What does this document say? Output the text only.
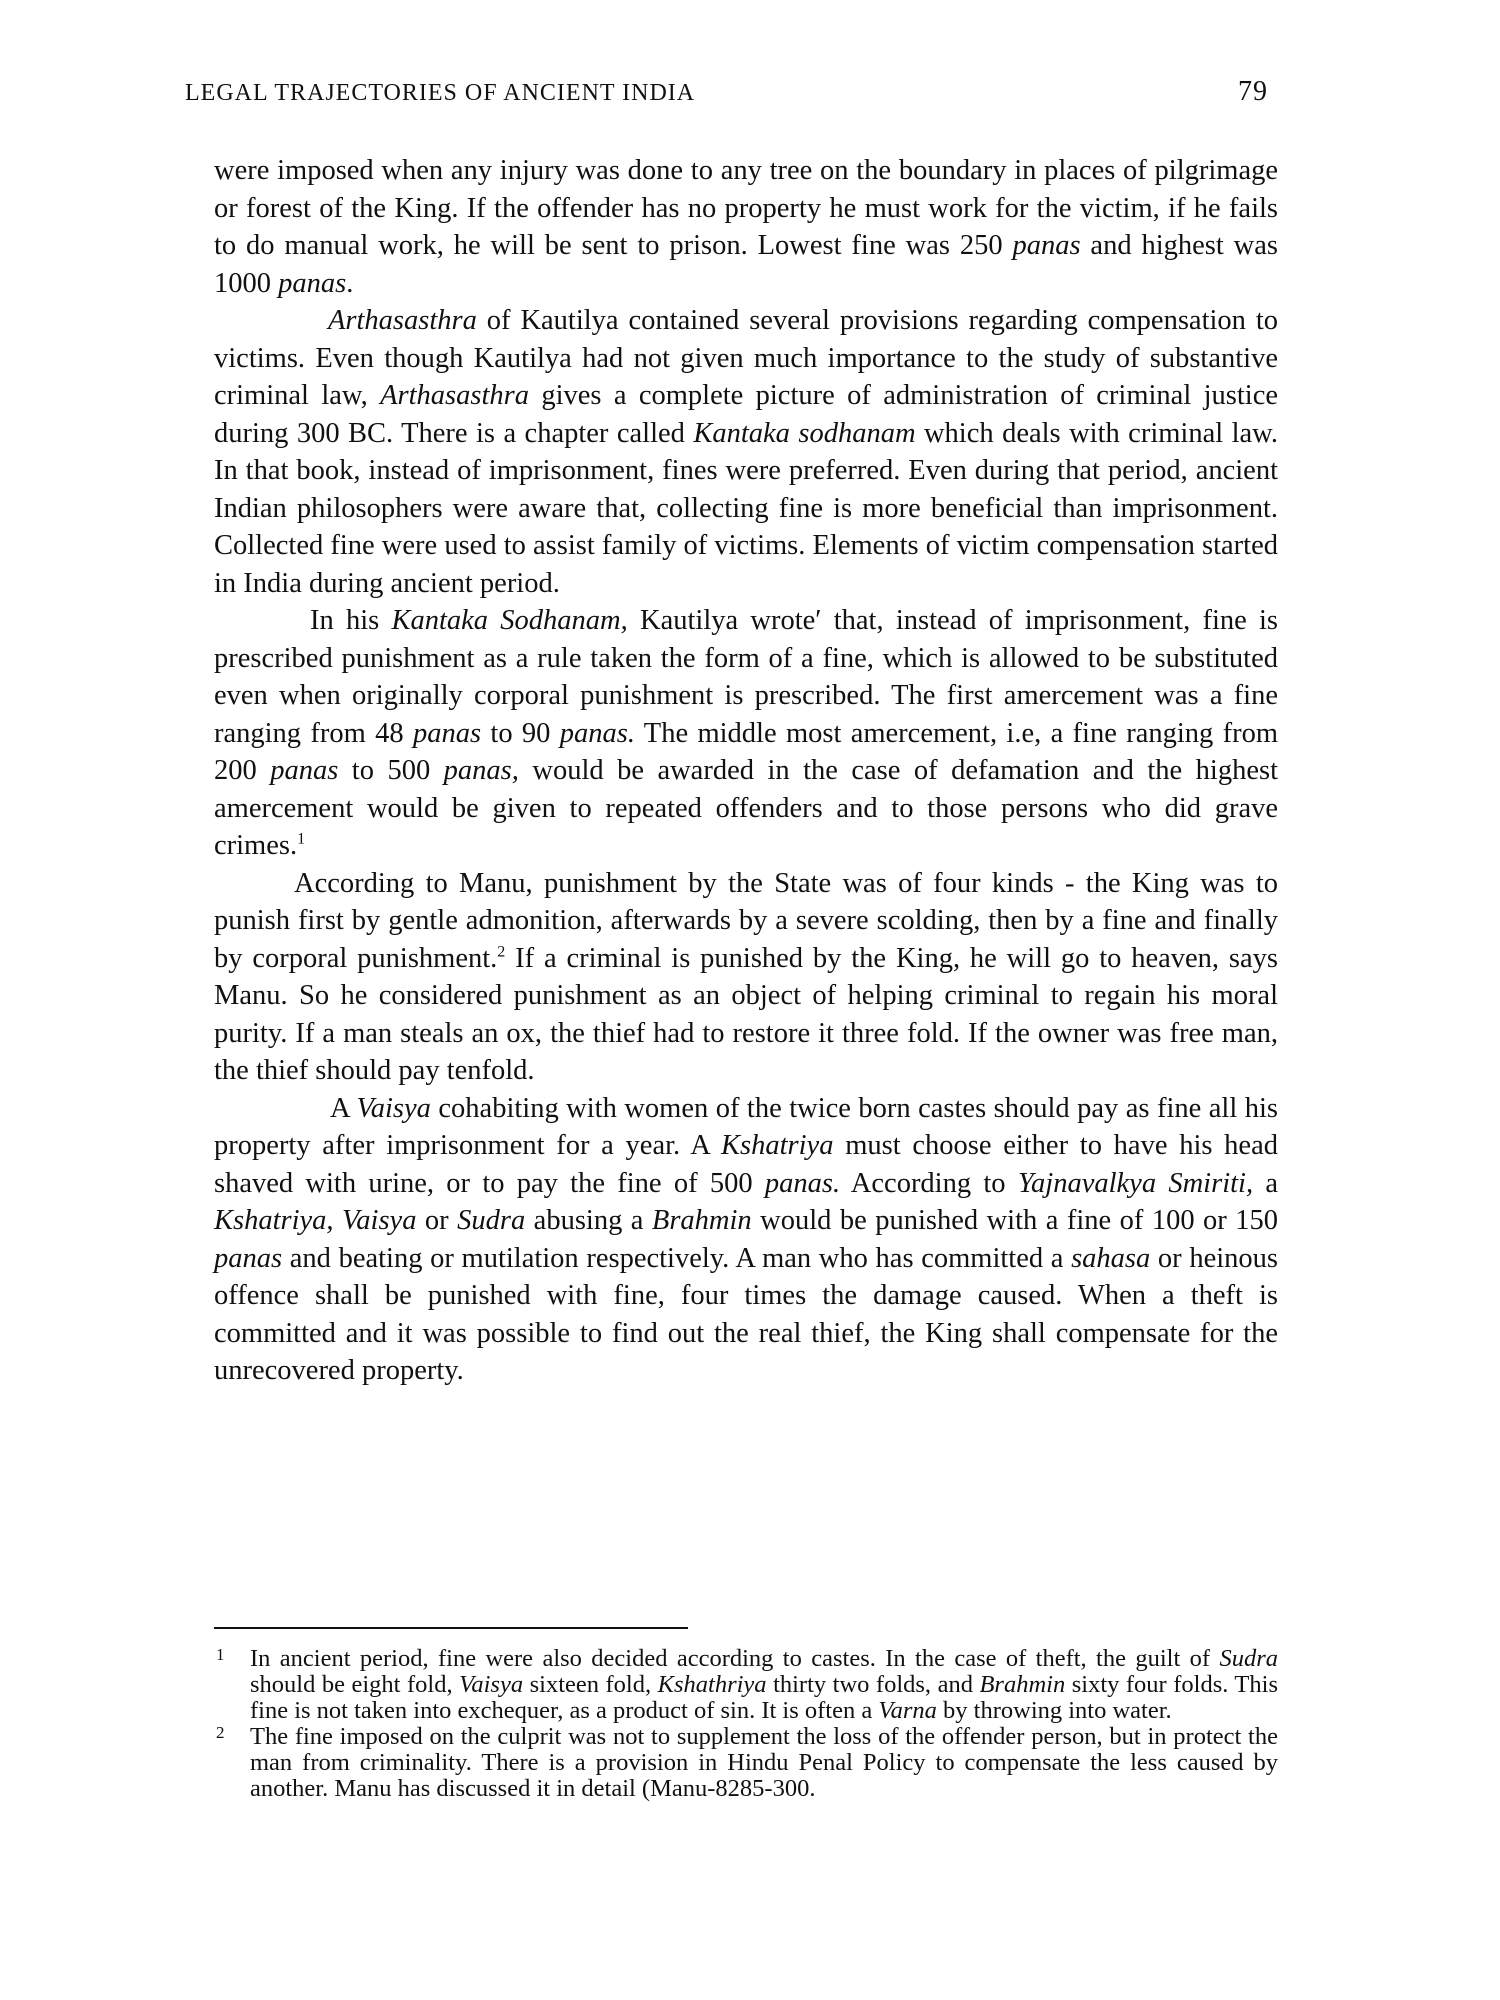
LEGAL TRAJECTORIES OF ANCIENT INDIA	79

were imposed when any injury was done to any tree on the boundary in places of pilgrimage or forest of the King. If the offender has no property he must work for the victim, if he fails to do manual work, he will be sent to prison. Lowest fine was 250 panas and highest was 1000 panas.

Arthasasthra of Kautilya contained several provisions regarding compensation to victims. Even though Kautilya had not given much importance to the study of substantive criminal law, Arthasasthra gives a complete picture of administration of criminal justice during 300 BC. There is a chapter called Kantaka sodhanam which deals with criminal law. In that book, instead of imprisonment, fines were preferred. Even during that period, ancient Indian philosophers were aware that, collecting fine is more beneficial than imprisonment. Collected fine were used to assist family of victims. Elements of victim compensation started in India during ancient period.

In his Kantaka Sodhanam, Kautilya wrote′ that, instead of imprisonment, fine is prescribed punishment as a rule taken the form of a fine, which is allowed to be substituted even when originally corporal punishment is prescribed. The first amercement was a fine ranging from 48 panas to 90 panas. The middle most amercement, i.e, a fine ranging from 200 panas to 500 panas, would be awarded in the case of defamation and the highest amercement would be given to repeated offenders and to those persons who did grave crimes.$^1$

According to Manu, punishment by the State was of four kinds - the King was to punish first by gentle admonition, afterwards by a severe scolding, then by a fine and finally by corporal punishment.$^2$ If a criminal is punished by the King, he will go to heaven, says Manu. So he considered punishment as an object of helping criminal to regain his moral purity. If a man steals an ox, the thief had to restore it three fold. If the owner was free man, the thief should pay tenfold.

A Vaisya cohabiting with women of the twice born castes should pay as fine all his property after imprisonment for a year. A Kshatriya must choose either to have his head shaved with urine, or to pay the fine of 500 panas. According to Yajnavalkya Smiriti, a Kshatriya, Vaisya or Sudra abusing a Brahmin would be punished with a fine of 100 or 150 panas and beating or mutilation respectively. A man who has committed a sahasa or heinous offence shall be punished with fine, four times the damage caused. When a theft is committed and it was possible to find out the real thief, the King shall compensate for the unrecovered property.

1 In ancient period, fine were also decided according to castes. In the case of theft, the guilt of Sudra should be eight fold, Vaisya sixteen fold, Kshathriya thirty two folds, and Brahmin sixty four folds. This fine is not taken into exchequer, as a product of sin. It is often a Varna by throwing into water.
2 The fine imposed on the culprit was not to supplement the loss of the offender person, but in protect the man from criminality. There is a provision in Hindu Penal Policy to compensate the less caused by another. Manu has discussed it in detail (Manu-8285-300.
